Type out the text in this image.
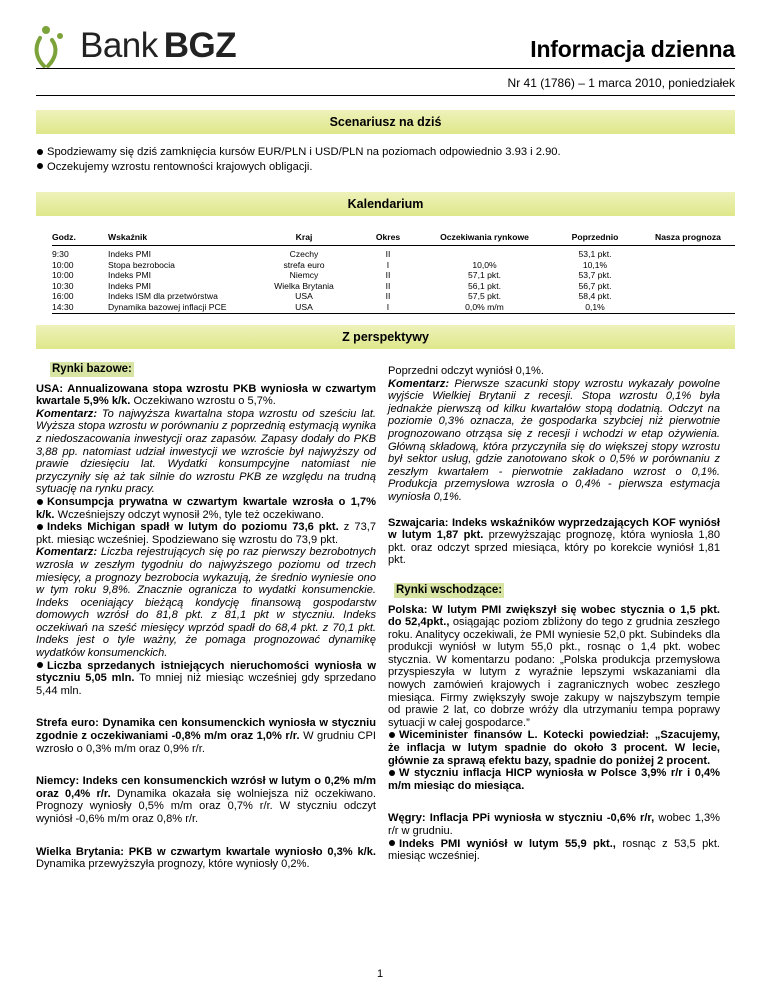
Bank BGZ	Informacja dzienna
Nr 41 (1786) – 1 marca 2010, poniedziałek
Scenariusz na dziś
Spodziewamy się dziś zamknięcia kursów EUR/PLN i USD/PLN na poziomach odpowiednio 3.93 i 2.90.
Oczekujemy wzrostu rentowności krajowych obligacji.
Kalendarium
Godz.	Wskaźnik	Kraj	Okres	Oczekiwania rynkowe	Poprzednio	Nasza prognoza
9:30	Indeks PMI	Czechy	II		53,1 pkt.	
10:00	Stopa bezrobocia	strefa euro	I	10,0%	10,1%	
10:00	Indeks PMI	Niemcy	II	57,1 pkt.	53,7 pkt.	
10:30	Indeks PMI	Wielka Brytania	II	56,1 pkt.	56,7 pkt.	
16:00	Indeks ISM dla przetwórstwa	USA	II	57,5 pkt.	58,4 pkt.	
14:30	Dynamika bazowej inflacji PCE	USA	I	0,0% m/m	0,1%	
Z perspektywy
Rynki bazowe:

USA: Annualizowana stopa wzrostu PKB wyniosła w czwartym kwartale 5,9% k/k. Oczekiwano wzrostu o 5,7%.

Komentarz: To najwyższa kwartalna stopa wzrostu od sześciu lat. Wyższa stopa wzrostu w porównaniu z poprzednią estymacją wynika z niedoszacowania inwestycji oraz zapasów. Zapasy dodały do PKB 3,88 pp. natomiast udział inwestycji we wzroście był najwyższy od prawie dziesięciu lat. Wydatki konsumpcyjne natomiast nie przyczyniły się aż tak silnie do wzrostu PKB ze względu na trudną sytuację na rynku pracy.

Konsumpcja prywatna w czwartym kwartale wzrosła o 1,7% k/k. Wcześniejszy odczyt wynosił 2%, tyle też oczekiwano.

Indeks Michigan spadł w lutym do poziomu 73,6 pkt. z 73,7 pkt. miesiąc wcześniej. Spodziewano się wzrostu do 73,9 pkt.

Komentarz: Liczba rejestrujących się po raz pierwszy bezrobotnych wzrosła w zeszłym tygodniu do najwyższego poziomu od trzech miesięcy, a prognozy bezrobocia wykazują, że średnio wyniesie ono w tym roku 9,8%. Znacznie ogranicza to wydatki konsumenckie. Indeks oceniający bieżącą kondycję finansową gospodarstw domowych wzrósł do 81,8 pkt. z 81,1 pkt w styczniu. Indeks oczekiwań na sześć miesięcy wprzód spadł do 68,4 pkt. z 70,1 pkt. Indeks jest o tyle ważny, że pomaga prognozować dynamikę wydatków konsumenckich.

Liczba sprzedanych istniejących nieruchomości wyniosła w styczniu 5,05 mln. To mniej niż miesiąc wcześniej gdy sprzedano 5,44 mln.

Strefa euro: Dynamika cen konsumenckich wyniosła w styczniu zgodnie z oczekiwaniami -0,8% m/m oraz 1,0% r/r. W grudniu CPI wzrosło o 0,3% m/m oraz 0,9% r/r.

Niemcy: Indeks cen konsumenckich wzrósł w lutym o 0,2% m/m oraz 0,4% r/r. Dynamika okazała się wolniejsza niż oczekiwano. Prognozy wyniosły 0,5% m/m oraz 0,7% r/r. W styczniu odczyt wyniósł -0,6% m/m oraz 0,8% r/r.

Wielka Brytania: PKB w czwartym kwartale wyniosło 0,3% k/k. Dynamika przewyższyła prognozy, które wyniosły 0,2%.

Poprzedni odczyt wyniósł 0,1%.

Komentarz: Pierwsze szacunki stopy wzrostu wykazały powolne wyjście Wielkiej Brytanii z recesji. Stopa wzrostu 0,1% była jednakże pierwszą od kilku kwartałów stopą dodatnią. Odczyt na poziomie 0,3% oznacza, że gospodarka szybciej niż pierwotnie prognozowano otrząsa się z recesji i wchodzi w etap ożywienia. Główną składową, która przyczyniła się do większej stopy wzrostu był sektor usług, gdzie zanotowano skok o 0,5% w porównaniu z zeszłym kwartałem - pierwotnie zakładano wzrost o 0,1%. Produkcja przemysłowa wzrosła o 0,4% - pierwsza estymacja wyniosła 0,1%.

Szwajcaria: Indeks wskaźników wyprzedzających KOF wyniósł w lutym 1,87 pkt. przewyższając prognozę, która wyniosła 1,80 pkt. oraz odczyt sprzed miesiąca, który po korekcie wyniósł 1,81 pkt.

Rynki wschodzące:

Polska: W lutym PMI zwiększył się wobec stycznia o 1,5 pkt. do 52,4pkt., osiągając poziom zbliżony do tego z grudnia zeszłego roku. Analitycy oczekiwali, że PMI wyniesie 52,0 pkt. Subindeks dla produkcji wyniósł w lutym 55,0 pkt., rosnąc o 1,4 pkt. wobec stycznia. W komentarzu podano: „Polska produkcja przemysłowa przyspieszyła w lutym z wyraźnie lepszymi wskazaniami dla nowych zamówień krajowych i zagranicznych wobec zeszłego miesiąca. Firmy zwiększyły swoje zakupy w najszybszym tempie od prawie 2 lat, co dobrze wróży dla utrzymaniu tempa poprawy sytuacji w całej gospodarce.”

Wiceminister finansów L. Kotecki powiedział: „Szacujemy, że inflacja w lutym spadnie do około 3 procent. W lecie, głównie za sprawą efektu bazy, spadnie do poniżej 2 procent.

W styczniu inflacja HICP wyniosła w Polsce 3,9% r/r i 0,4% m/m miesiąc do miesiąca.

Węgry: Inflacja PPi wyniosła w styczniu -0,6% r/r, wobec 1,3% r/r w grudniu.

Indeks PMI wyniósł w lutym 55,9 pkt., rosnąc z 53,5 pkt. miesiąc wcześniej.

1
